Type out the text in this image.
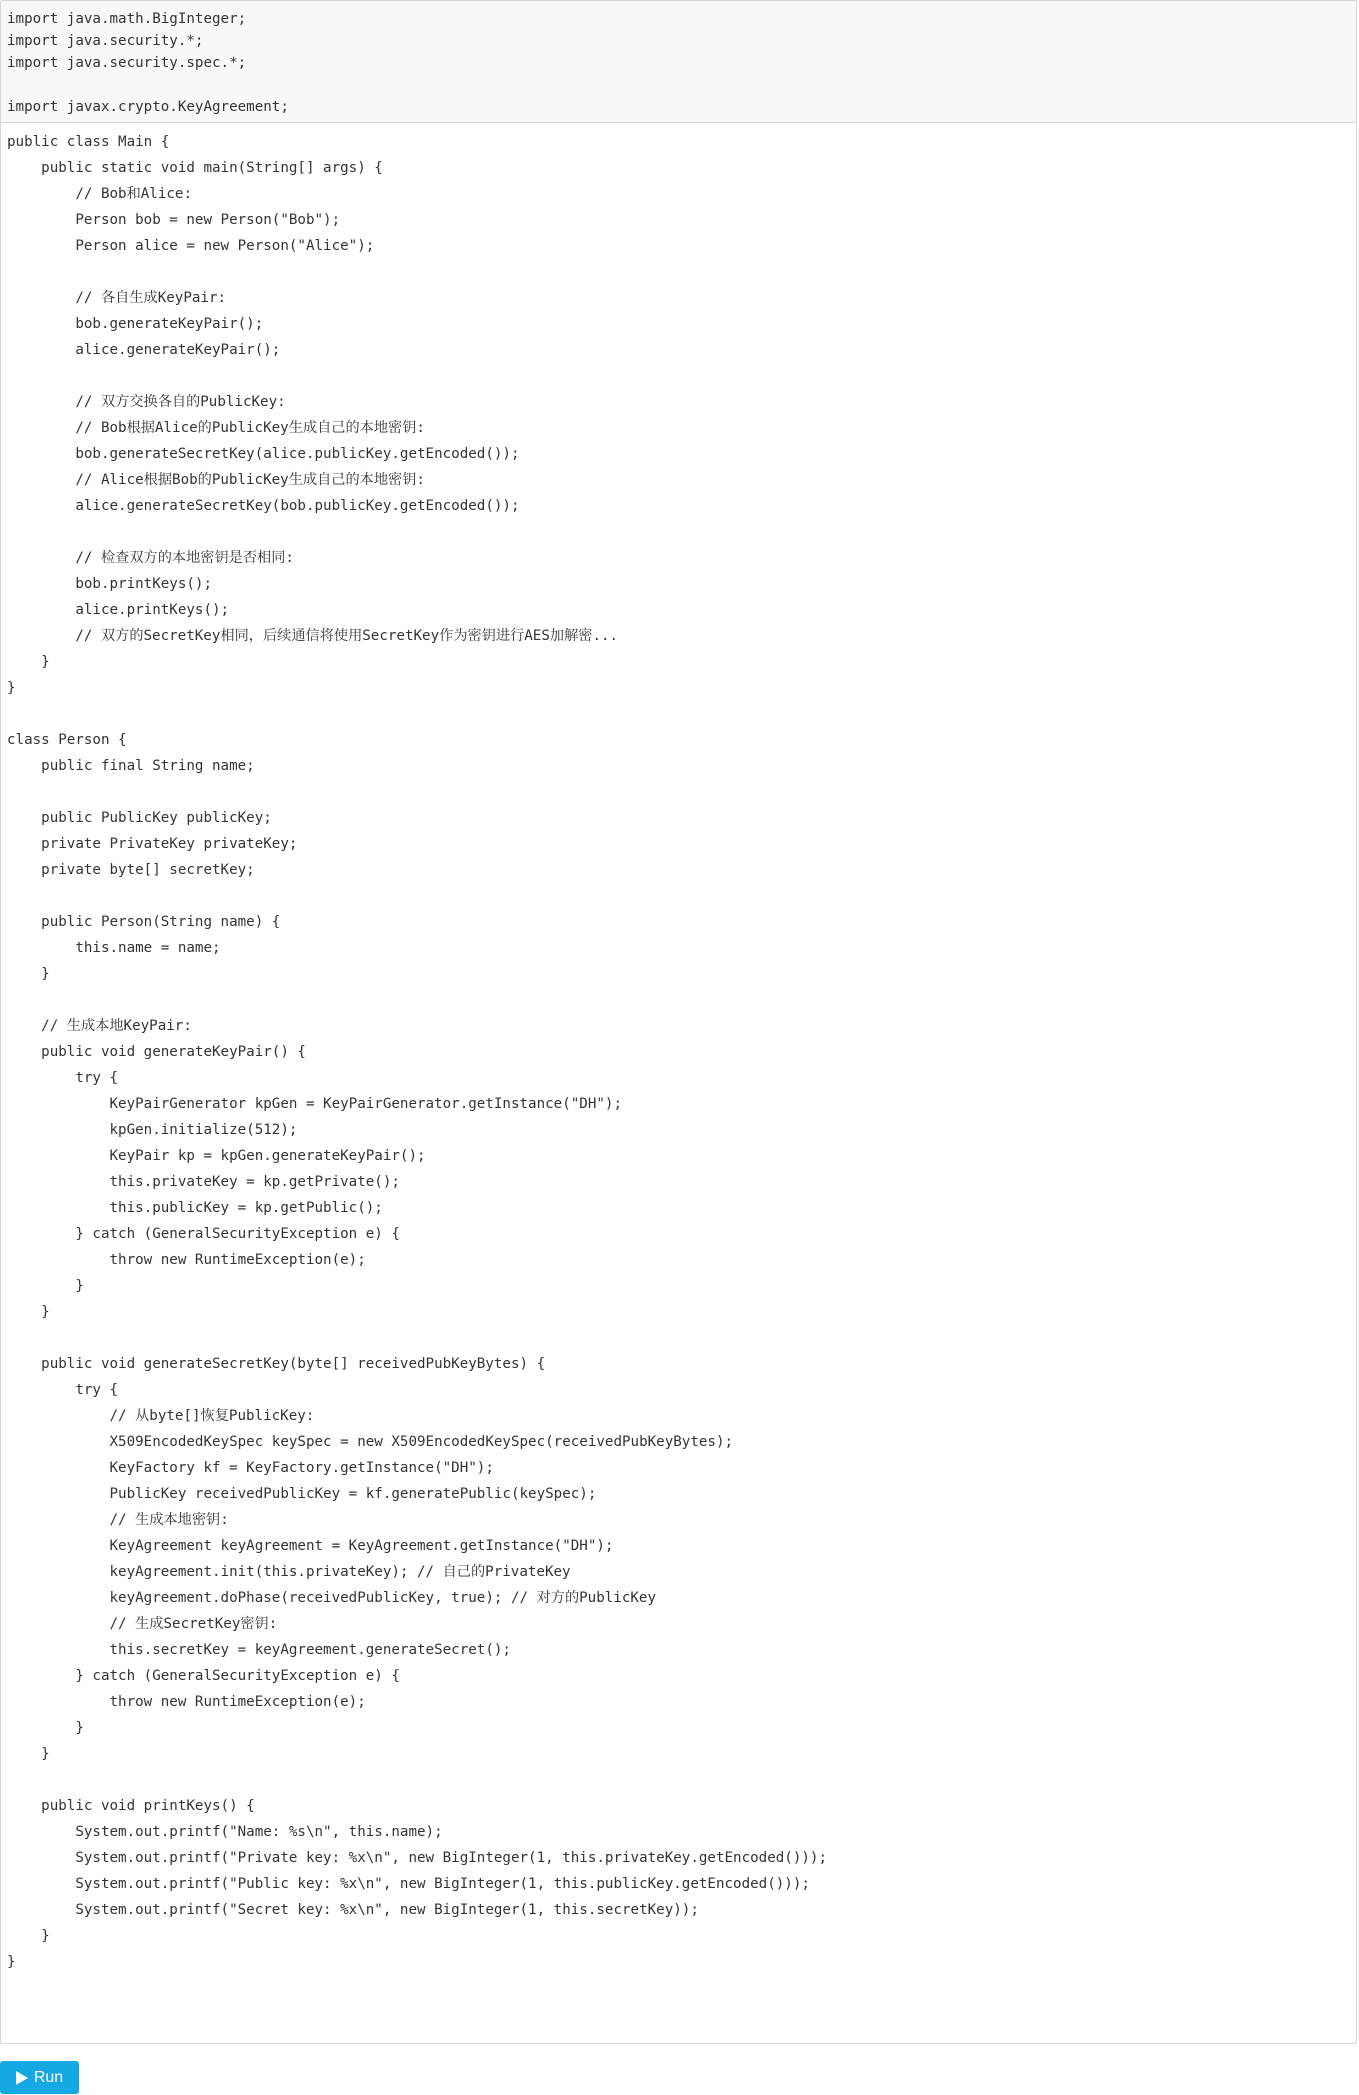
import java.math.BigInteger;
import java.security.*;
import java.security.spec.*;
import javax.crypto.KeyAgreement;
public class Main {
public static void main(String[] args) {
// Bob和Alice:
Person bob = new Person("Bob");
Person alice = new Person("Alice");
// 各自生成KeyPair:
bob.generateKeyPair();
alice.generateKeyPair();
// 双方交换各自的PublicKey:
// Bob根据Alice的PublicKey生成自己的本地密钥:
bob.generateSecretKey(alice.publicKey.getEncoded());
// Alice根据Bob的PublicKey生成自己的本地密钥:
alice.generateSecretKey(bob.publicKey.getEncoded());
// 检查双方的本地密钥是否相同:
bob.printKeys();
alice.printKeys();
// 双方的SecretKey相同，后续通信将使用SecretKey作为密钥进行AES加解密...
}
}
class Person {
public final String name;
public PublicKey publicKey;
private PrivateKey privateKey;
private byte[] secretKey;
public Person(String name) {
this.name = name;
}
// 生成本地KeyPair:
public void generateKeyPair() {
try {
KeyPairGenerator kpGen = KeyPairGenerator.getInstance("DH");
kpGen.initialize(512);
KeyPair kp = kpGen.generateKeyPair();
this.privateKey = kp.getPrivate();
this.publicKey = kp.getPublic();
} catch (GeneralSecurityException e) {
throw new RuntimeException(e);
}
}
public void generateSecretKey(byte[] receivedPubKeyBytes) {
try {
// 从byte[]恢复PublicKey:
X509EncodedKeySpec keySpec = new X509EncodedKeySpec(receivedPubKeyBytes);
KeyFactory kf = KeyFactory.getInstance("DH");
PublicKey receivedPublicKey = kf.generatePublic(keySpec);
// 生成本地密钥:
KeyAgreement keyAgreement = KeyAgreement.getInstance("DH");
keyAgreement.init(this.privateKey); // 自己的PrivateKey
keyAgreement.doPhase(receivedPublicKey, true); // 对方的PublicKey
// 生成SecretKey密钥:
this.secretKey = keyAgreement.generateSecret();
} catch (GeneralSecurityException e) {
throw new RuntimeException(e);
}
}
public void printKeys() {
System.out.printf("Name: %s\n", this.name);
System.out.printf("Private key: %x\n", new BigInteger(1, this.privateKey.getEncoded()));
System.out.printf("Public key: %x\n", new BigInteger(1, this.publicKey.getEncoded()));
System.out.printf("Secret key: %x\n", new BigInteger(1, this.secretKey));
}
}
Run
